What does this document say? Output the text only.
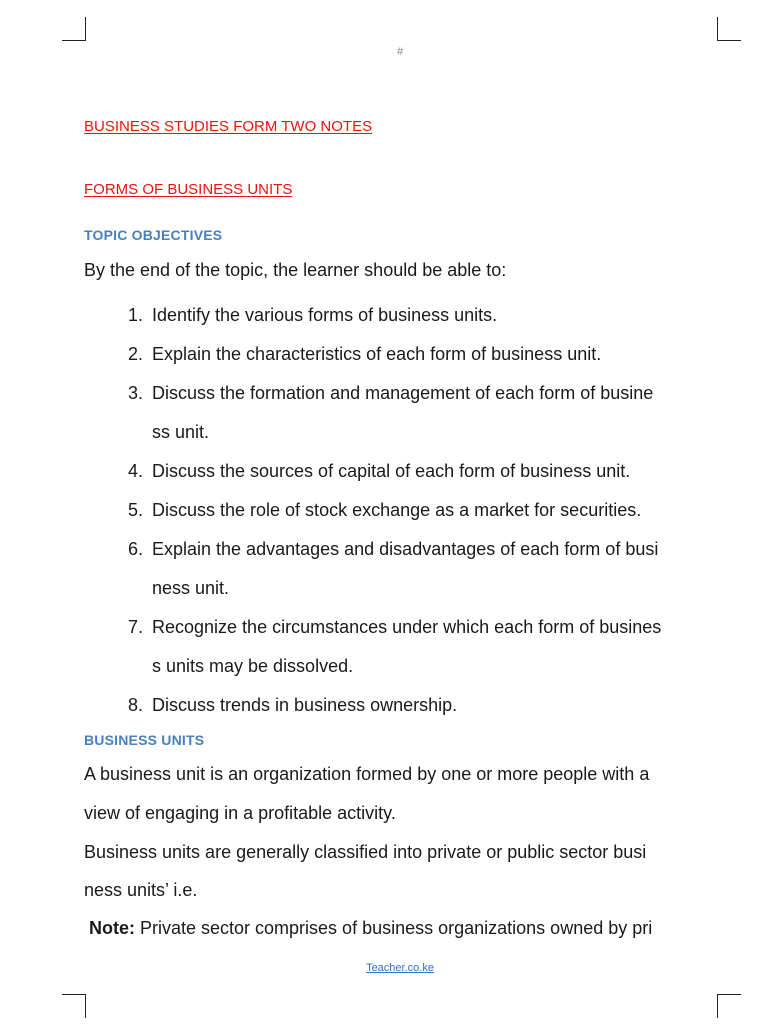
#
BUSINESS STUDIES FORM TWO NOTES
FORMS OF BUSINESS UNITS
TOPIC OBJECTIVES
By the end of the topic, the learner should be able to:
1. Identify the various forms of business units.
2. Explain the characteristics of each form of business unit.
3. Discuss the formation and management of each form of busine
ss unit.
4. Discuss the sources of capital of each form of business unit.
5. Discuss the role of stock exchange as a market for securities.
6. Explain the advantages and disadvantages of each form of busi
ness unit.
7. Recognize the circumstances under which each form of busines
s units may be dissolved.
8. Discuss trends in business ownership.
BUSINESS UNITS
A business unit is an organization formed by one or more people with a
view of engaging in a profitable activity.
Business units are generally classified into private or public sector busi
ness units’ i.e.
Note: Private sector comprises of business organizations owned by pri
Teacher.co.ke
